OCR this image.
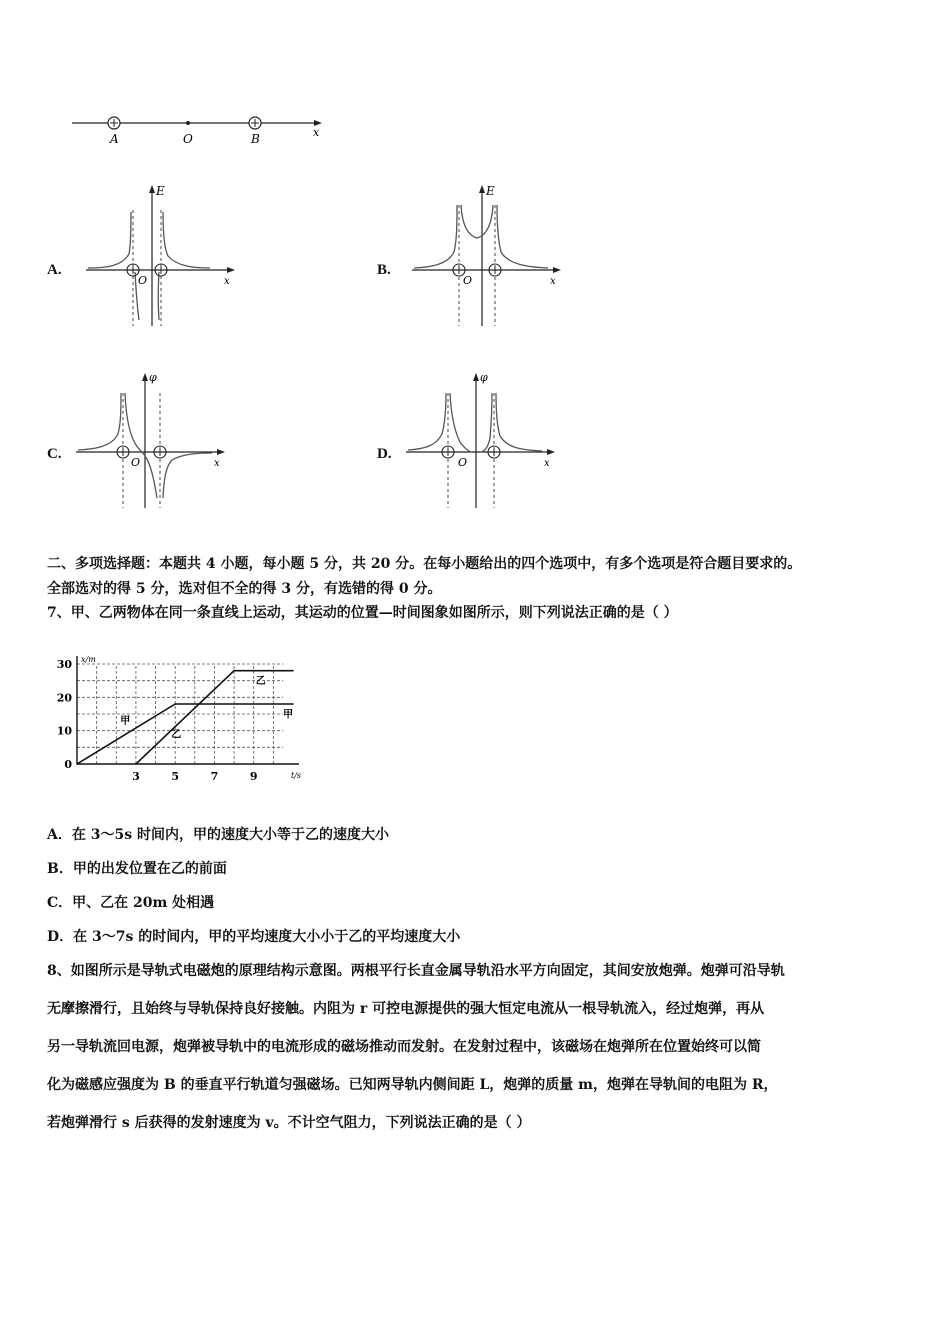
A	O	B	x
A.
E
O	x
B.
E
O	x
C.
φ
O	x
D.
φ
O	x
二、多项选择题：本题共 4 小题，每小题 5 分，共 20 分。在每小题给出的四个选项中，有多个选项是符合题目要求的。
全部选对的得 5 分，选对但不全的得 3 分，有选错的得 0 分。
7、甲、乙两物体在同一条直线上运动，其运动的位置—时间图象如图所示，则下列说法正确的是（ ）
0
10
20
30
3	5	7	9
x/m
t/s
甲
甲
乙
乙
A．在 3～5s 时间内，甲的速度大小等于乙的速度大小
B．甲的出发位置在乙的前面
C．甲、乙在 20m 处相遇
D．在 3～7s 的时间内，甲的平均速度大小小于乙的平均速度大小
8、如图所示是导轨式电磁炮的原理结构示意图。两根平行长直金属导轨沿水平方向固定，其间安放炮弹。炮弹可沿导轨
无摩擦滑行，且始终与导轨保持良好接触。内阻为 r 可控电源提供的强大恒定电流从一根导轨流入，经过炮弹，再从
另一导轨流回电源，炮弹被导轨中的电流形成的磁场推动而发射。在发射过程中，该磁场在炮弹所在位置始终可以简
化为磁感应强度为 B 的垂直平行轨道匀强磁场。已知两导轨内侧间距 L，炮弹的质量 m，炮弹在导轨间的电阻为 R，
若炮弹滑行 s 后获得的发射速度为 v。不计空气阻力，下列说法正确的是（ ）
